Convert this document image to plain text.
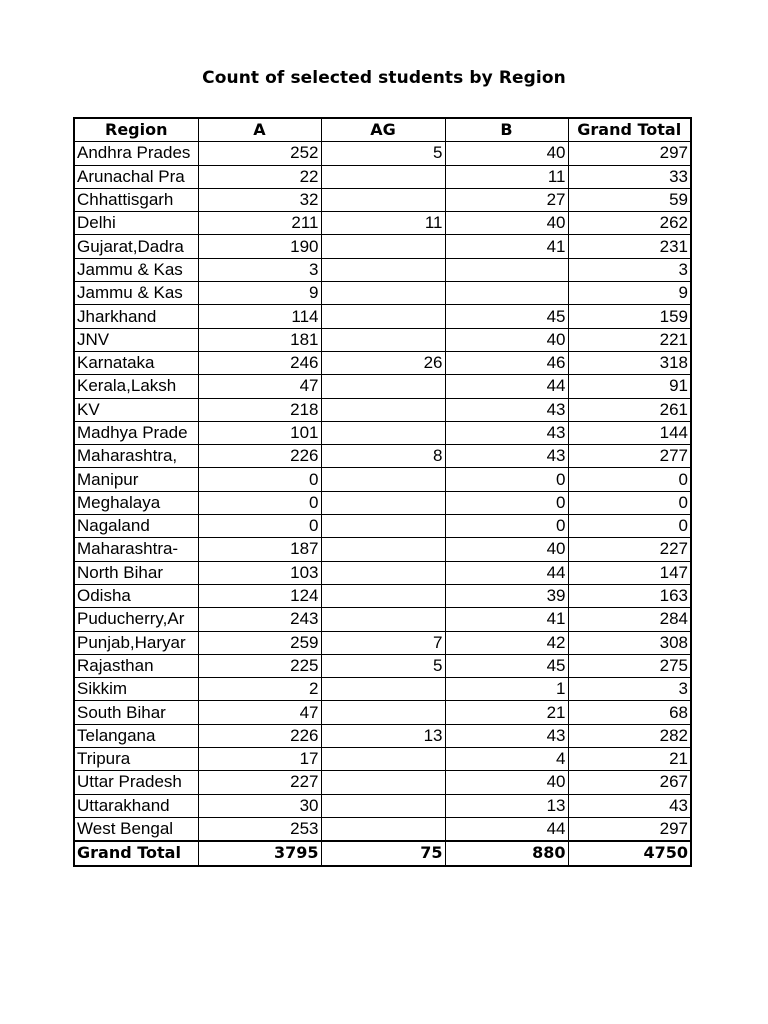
Count of selected students by Region
Region	A	AG	B	Grand Total
Andhra Prades	252	5	40	297
Arunachal Pra	22		11	33
Chhattisgarh	32		27	59
Delhi	211	11	40	262
Gujarat,Dadra	190		41	231
Jammu & Kas	3			3
Jammu & Kas	9			9
Jharkhand	114		45	159
JNV	181		40	221
Karnataka	246	26	46	318
Kerala,Laksh	47		44	91
KV	218		43	261
Madhya Prade	101		43	144
Maharashtra,	226	8	43	277
Manipur	0		0	0
Meghalaya	0		0	0
Nagaland	0		0	0
Maharashtra-	187		40	227
North Bihar	103		44	147
Odisha	124		39	163
Puducherry,Ar	243		41	284
Punjab,Haryar	259	7	42	308
Rajasthan	225	5	45	275
Sikkim	2		1	3
South Bihar	47		21	68
Telangana	226	13	43	282
Tripura	17		4	21
Uttar Pradesh	227		40	267
Uttarakhand	30		13	43
West Bengal	253		44	297
Grand Total	3795	75	880	4750
